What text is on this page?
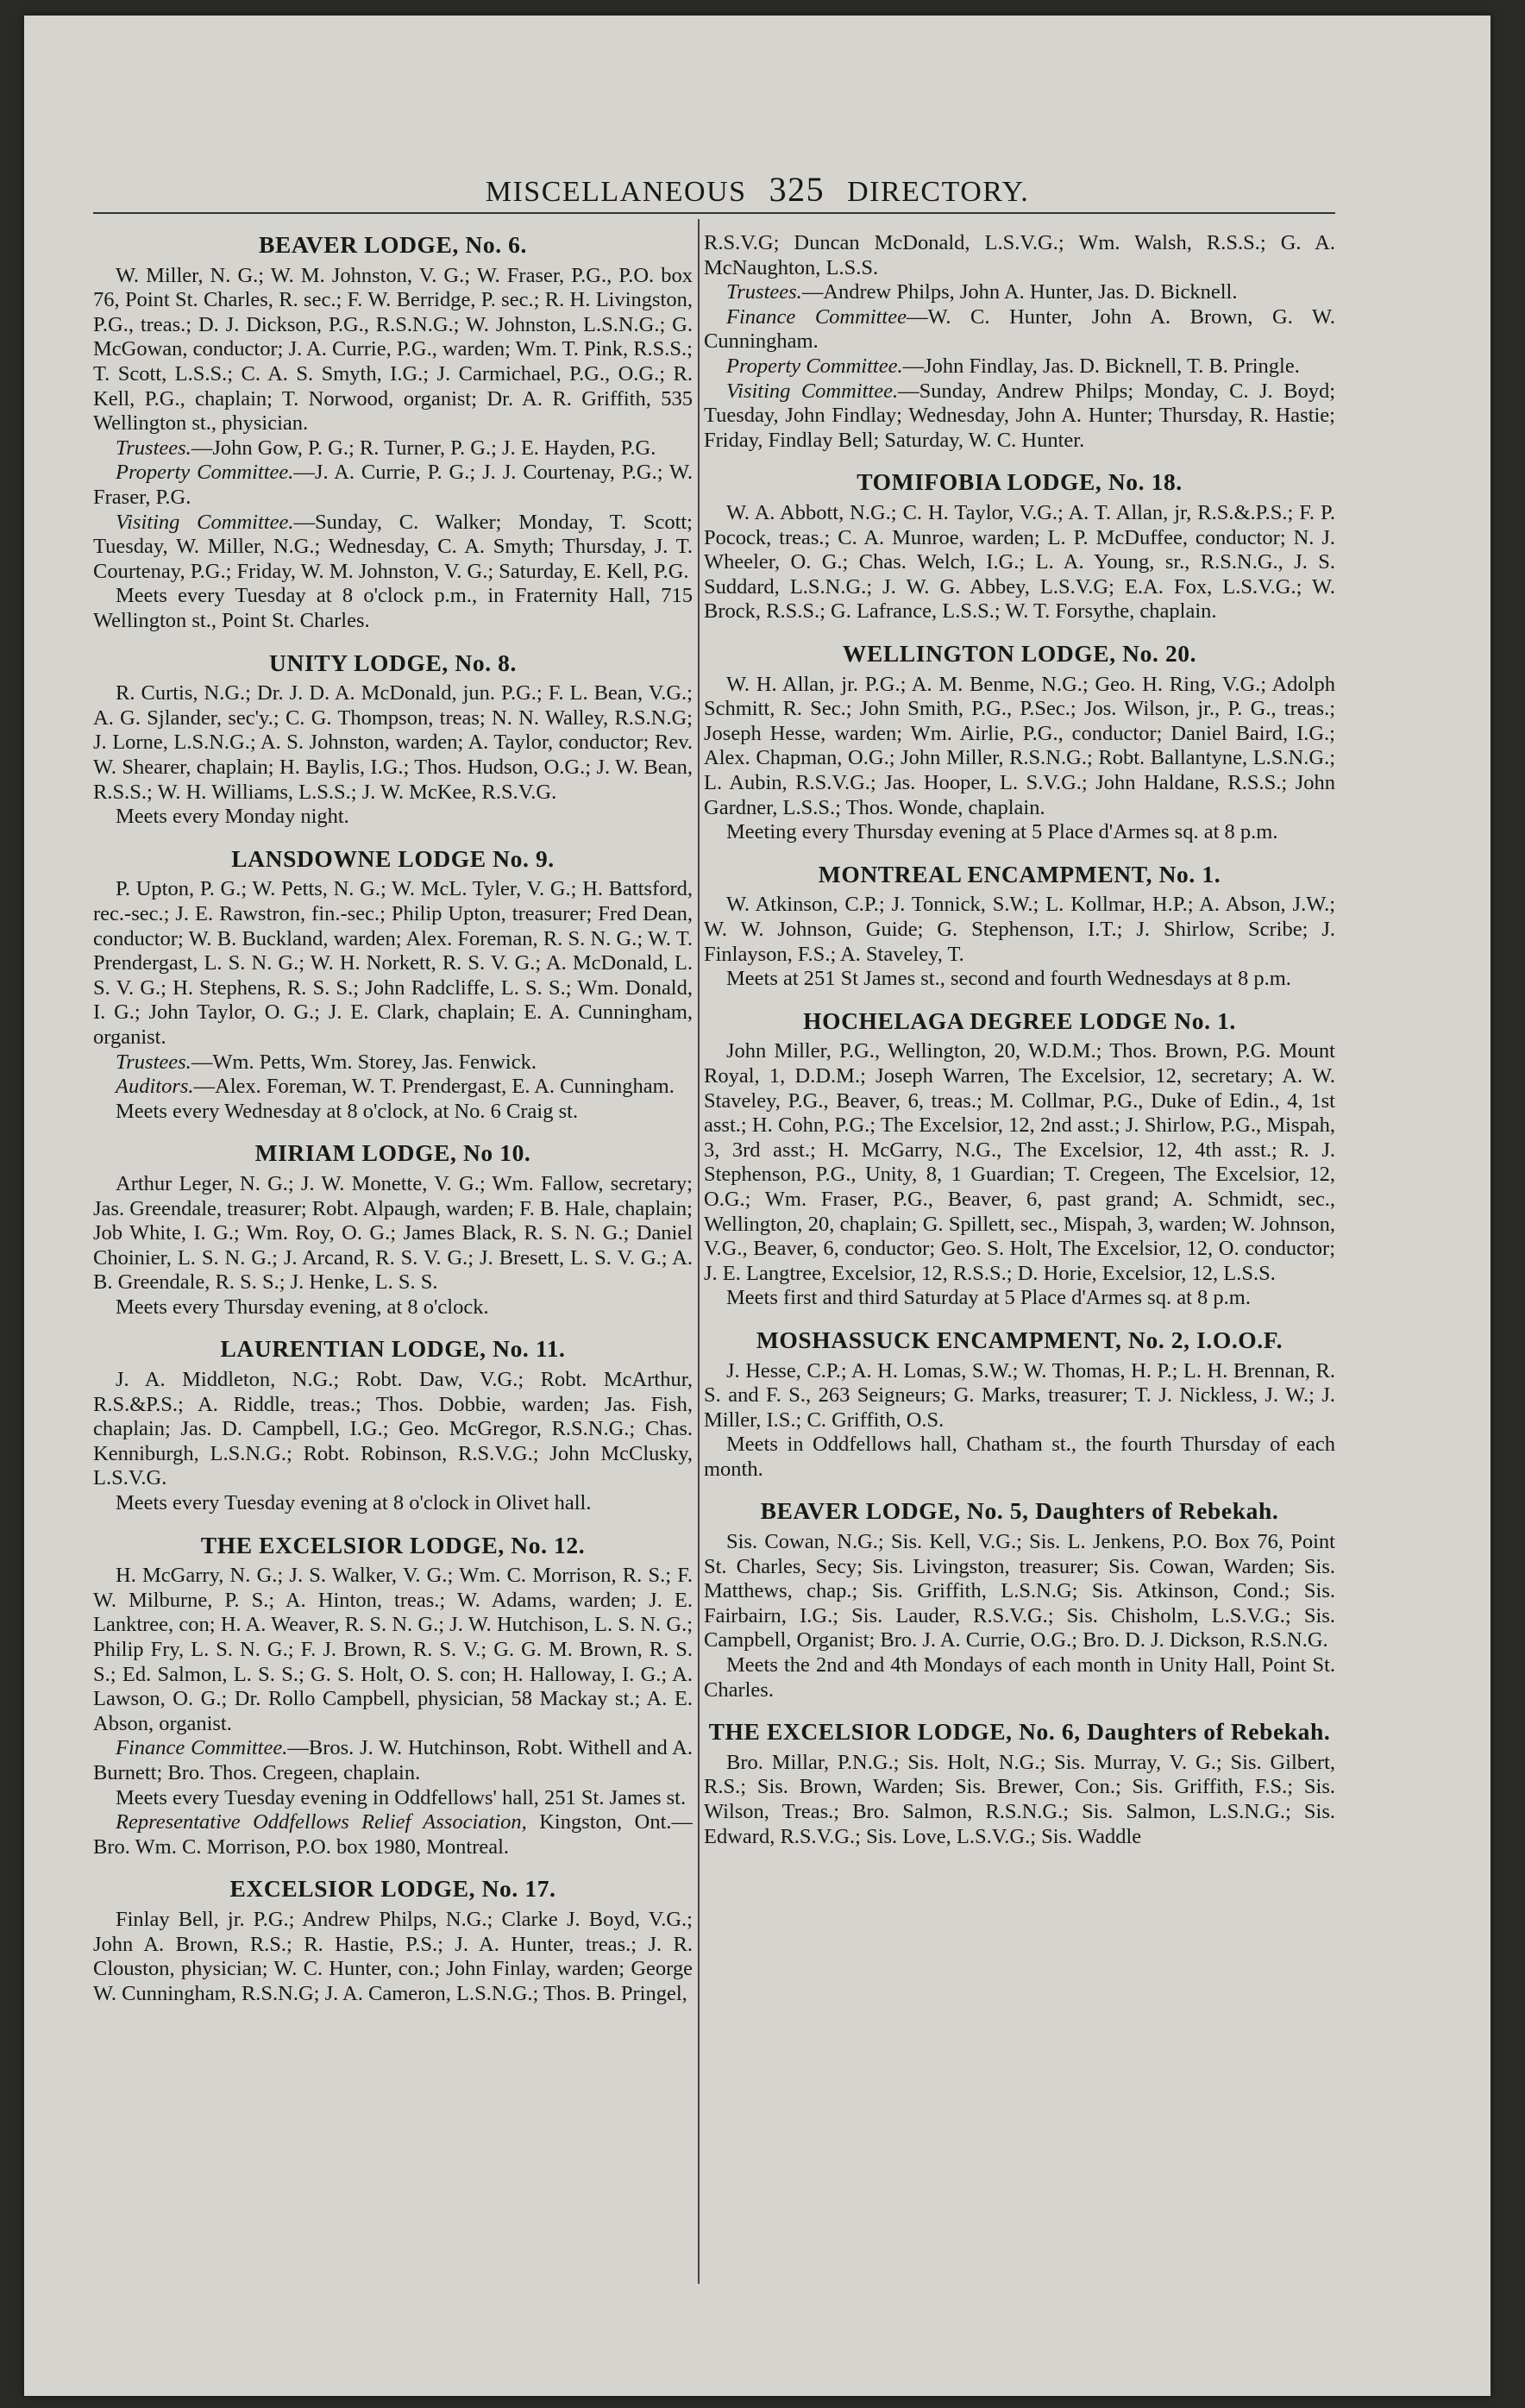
MISCELLANEOUS 325 DIRECTORY.
BEAVER LODGE, No. 6.

W. Miller, N. G.; W. M. Johnston, V. G.; W. Fraser, P.G., P.O. box 76, Point St. Charles, R. sec.; F. W. Berridge, P. sec.; R. H. Livingston, P.G., treas.; D. J. Dickson, P.G., R.S.N.G.; W. Johnston, L.S.N.G.; G. McGowan, conductor; J. A. Currie, P.G., warden; Wm. T. Pink, R.S.S.; T. Scott, L.S.S.; C. A. S. Smyth, I.G.; J. Carmichael, P.G., O.G.; R. Kell, P.G., chaplain; T. Norwood, organist; Dr. A. R. Griffith, 535 Wellington st., physician.

Trustees.—John Gow, P. G.; R. Turner, P. G.; J. E. Hayden, P.G.

Property Committee.—J. A. Currie, P. G.; J. J. Courtenay, P.G.; W. Fraser, P.G.

Visiting Committee.—Sunday, C. Walker; Monday, T. Scott; Tuesday, W. Miller, N.G.; Wednesday, C. A. Smyth; Thursday, J. T. Courtenay, P.G.; Friday, W. M. Johnston, V. G.; Saturday, E. Kell, P.G.

Meets every Tuesday at 8 o'clock p.m., in Fraternity Hall, 715 Wellington st., Point St. Charles.

UNITY LODGE, No. 8.

R. Curtis, N.G.; Dr. J. D. A. McDonald, jun. P.G.; F. L. Bean, V.G.; A. G. Sjlander, sec'y.; C. G. Thompson, treas; N. N. Walley, R.S.N.G; J. Lorne, L.S.N.G.; A. S. Johnston, warden; A. Taylor, conductor; Rev. W. Shearer, chaplain; H. Baylis, I.G.; Thos. Hudson, O.G.; J. W. Bean, R.S.S.; W. H. Williams, L.S.S.; J. W. McKee, R.S.V.G.

Meets every Monday night.

LANSDOWNE LODGE No. 9.

P. Upton, P. G.; W. Petts, N. G.; W. McL. Tyler, V. G.; H. Battsford, rec.-sec.; J. E. Rawstron, fin.-sec.; Philip Upton, treasurer; Fred Dean, conductor; W. B. Buckland, warden; Alex. Foreman, R. S. N. G.; W. T. Prendergast, L. S. N. G.; W. H. Norkett, R. S. V. G.; A. McDonald, L. S. V. G.; H. Stephens, R. S. S.; John Radcliffe, L. S. S.; Wm. Donald, I. G.; John Taylor, O. G.; J. E. Clark, chaplain; E. A. Cunningham, organist.

Trustees.—Wm. Petts, Wm. Storey, Jas. Fenwick.

Auditors.—Alex. Foreman, W. T. Prendergast, E. A. Cunningham.

Meets every Wednesday at 8 o'clock, at No. 6 Craig st.

MIRIAM LODGE, No 10.

Arthur Leger, N. G.; J. W. Monette, V. G.; Wm. Fallow, secretary; Jas. Greendale, treasurer; Robt. Alpaugh, warden; F. B. Hale, chaplain; Job White, I. G.; Wm. Roy, O. G.; James Black, R. S. N. G.; Daniel Choinier, L. S. N. G.; J. Arcand, R. S. V. G.; J. Bresett, L. S. V. G.; A. B. Greendale, R. S. S.; J. Henke, L. S. S.

Meets every Thursday evening, at 8 o'clock.

LAURENTIAN LODGE, No. 11.

J. A. Middleton, N.G.; Robt. Daw, V.G.; Robt. McArthur, R.S.&P.S.; A. Riddle, treas.; Thos. Dobbie, warden; Jas. Fish, chaplain; Jas. D. Campbell, I.G.; Geo. McGregor, R.S.N.G.; Chas. Kenniburgh, L.S.N.G.; Robt. Robinson, R.S.V.G.; John McClusky, L.S.V.G.

Meets every Tuesday evening at 8 o'clock in Olivet hall.

THE EXCELSIOR LODGE, No. 12.

H. McGarry, N. G.; J. S. Walker, V. G.; Wm. C. Morrison, R. S.; F. W. Milburne, P. S.; A. Hinton, treas.; W. Adams, warden; J. E. Lanktree, con; H. A. Weaver, R. S. N. G.; J. W. Hutchison, L. S. N. G.; Philip Fry, L. S. N. G.; F. J. Brown, R. S. V.; G. G. M. Brown, R. S. S.; Ed. Salmon, L. S. S.; G. S. Holt, O. S. con; H. Halloway, I. G.; A. Lawson, O. G.; Dr. Rollo Campbell, physician, 58 Mackay st.; A. E. Abson, organist.

Finance Committee.—Bros. J. W. Hutchinson, Robt. Withell and A. Burnett; Bro. Thos. Cregeen, chaplain.

Meets every Tuesday evening in Oddfellows' hall, 251 St. James st.

Representative Oddfellows Relief Association, Kingston, Ont.—Bro. Wm. C. Morrison, P.O. box 1980, Montreal.

EXCELSIOR LODGE, No. 17.

Finlay Bell, jr. P.G.; Andrew Philps, N.G.; Clarke J. Boyd, V.G.; John A. Brown, R.S.; R. Hastie, P.S.; J. A. Hunter, treas.; J. R. Clouston, physician; W. C. Hunter, con.; John Finlay, warden; George W. Cunningham, R.S.N.G; J. A. Cameron, L.S.N.G.; Thos. B. Pringel,

R.S.V.G; Duncan McDonald, L.S.V.G.; Wm. Walsh, R.S.S.; G. A. McNaughton, L.S.S.

Trustees.—Andrew Philps, John A. Hunter, Jas. D. Bicknell.

Finance Committee—W. C. Hunter, John A. Brown, G. W. Cunningham.

Property Committee.—John Findlay, Jas. D. Bicknell, T. B. Pringle.

Visiting Committee.—Sunday, Andrew Philps; Monday, C. J. Boyd; Tuesday, John Findlay; Wednesday, John A. Hunter; Thursday, R. Hastie; Friday, Findlay Bell; Saturday, W. C. Hunter.

TOMIFOBIA LODGE, No. 18.

W. A. Abbott, N.G.; C. H. Taylor, V.G.; A. T. Allan, jr, R.S.&.P.S.; F. P. Pocock, treas.; C. A. Munroe, warden; L. P. McDuffee, conductor; N. J. Wheeler, O. G.; Chas. Welch, I.G.; L. A. Young, sr., R.S.N.G., J. S. Suddard, L.S.N.G.; J. W. G. Abbey, L.S.V.G; E.A. Fox, L.S.V.G.; W. Brock, R.S.S.; G. Lafrance, L.S.S.; W. T. Forsythe, chaplain.

WELLINGTON LODGE, No. 20.

W. H. Allan, jr. P.G.; A. M. Benme, N.G.; Geo. H. Ring, V.G.; Adolph Schmitt, R. Sec.; John Smith, P.G., P.Sec.; Jos. Wilson, jr., P. G., treas.; Joseph Hesse, warden; Wm. Airlie, P.G., conductor; Daniel Baird, I.G.; Alex. Chapman, O.G.; John Miller, R.S.N.G.; Robt. Ballantyne, L.S.N.G.; L. Aubin, R.S.V.G.; Jas. Hooper, L. S.V.G.; John Haldane, R.S.S.; John Gardner, L.S.S.; Thos. Wonde, chaplain.

Meeting every Thursday evening at 5 Place d'Armes sq. at 8 p.m.

MONTREAL ENCAMPMENT, No. 1.

W. Atkinson, C.P.; J. Tonnick, S.W.; L. Kollmar, H.P.; A. Abson, J.W.; W. W. Johnson, Guide; G. Stephenson, I.T.; J. Shirlow, Scribe; J. Finlayson, F.S.; A. Staveley, T.

Meets at 251 St James st., second and fourth Wednesdays at 8 p.m.

HOCHELAGA DEGREE LODGE No. 1.

John Miller, P.G., Wellington, 20, W.D.M.; Thos. Brown, P.G. Mount Royal, 1, D.D.M.; Joseph Warren, The Excelsior, 12, secretary; A. W. Staveley, P.G., Beaver, 6, treas.; M. Collmar, P.G., Duke of Edin., 4, 1st asst.; H. Cohn, P.G.; The Excelsior, 12, 2nd asst.; J. Shirlow, P.G., Mispah, 3, 3rd asst.; H. McGarry, N.G., The Excelsior, 12, 4th asst.; R. J. Stephenson, P.G., Unity, 8, 1 Guardian; T. Cregeen, The Excelsior, 12, O.G.; Wm. Fraser, P.G., Beaver, 6, past grand; A. Schmidt, sec., Wellington, 20, chaplain; G. Spillett, sec., Mispah, 3, warden; W. Johnson, V.G., Beaver, 6, conductor; Geo. S. Holt, The Excelsior, 12, O. conductor; J. E. Langtree, Excelsior, 12, R.S.S.; D. Horie, Excelsior, 12, L.S.S.

Meets first and third Saturday at 5 Place d'Armes sq. at 8 p.m.

MOSHASSUCK ENCAMPMENT, No. 2, I.O.O.F.

J. Hesse, C.P.; A. H. Lomas, S.W.; W. Thomas, H. P.; L. H. Brennan, R. S. and F. S., 263 Seigneurs; G. Marks, treasurer; T. J. Nickless, J. W.; J. Miller, I.S.; C. Griffith, O.S.

Meets in Oddfellows hall, Chatham st., the fourth Thursday of each month.

BEAVER LODGE, No. 5, Daughters of Rebekah.

Sis. Cowan, N.G.; Sis. Kell, V.G.; Sis. L. Jenkens, P.O. Box 76, Point St. Charles, Secy; Sis. Livingston, treasurer; Sis. Cowan, Warden; Sis. Matthews, chap.; Sis. Griffith, L.S.N.G; Sis. Atkinson, Cond.; Sis. Fairbairn, I.G.; Sis. Lauder, R.S.V.G.; Sis. Chisholm, L.S.V.G.; Sis. Campbell, Organist; Bro. J. A. Currie, O.G.; Bro. D. J. Dickson, R.S.N.G.

Meets the 2nd and 4th Mondays of each month in Unity Hall, Point St. Charles.

THE EXCELSIOR LODGE, No. 6, Daughters of Rebekah.

Bro. Millar, P.N.G.; Sis. Holt, N.G.; Sis. Murray, V. G.; Sis. Gilbert, R.S.; Sis. Brown, Warden; Sis. Brewer, Con.; Sis. Griffith, F.S.; Sis. Wilson, Treas.; Bro. Salmon, R.S.N.G.; Sis. Salmon, L.S.N.G.; Sis. Edward, R.S.V.G.; Sis. Love, L.S.V.G.; Sis. Waddle
